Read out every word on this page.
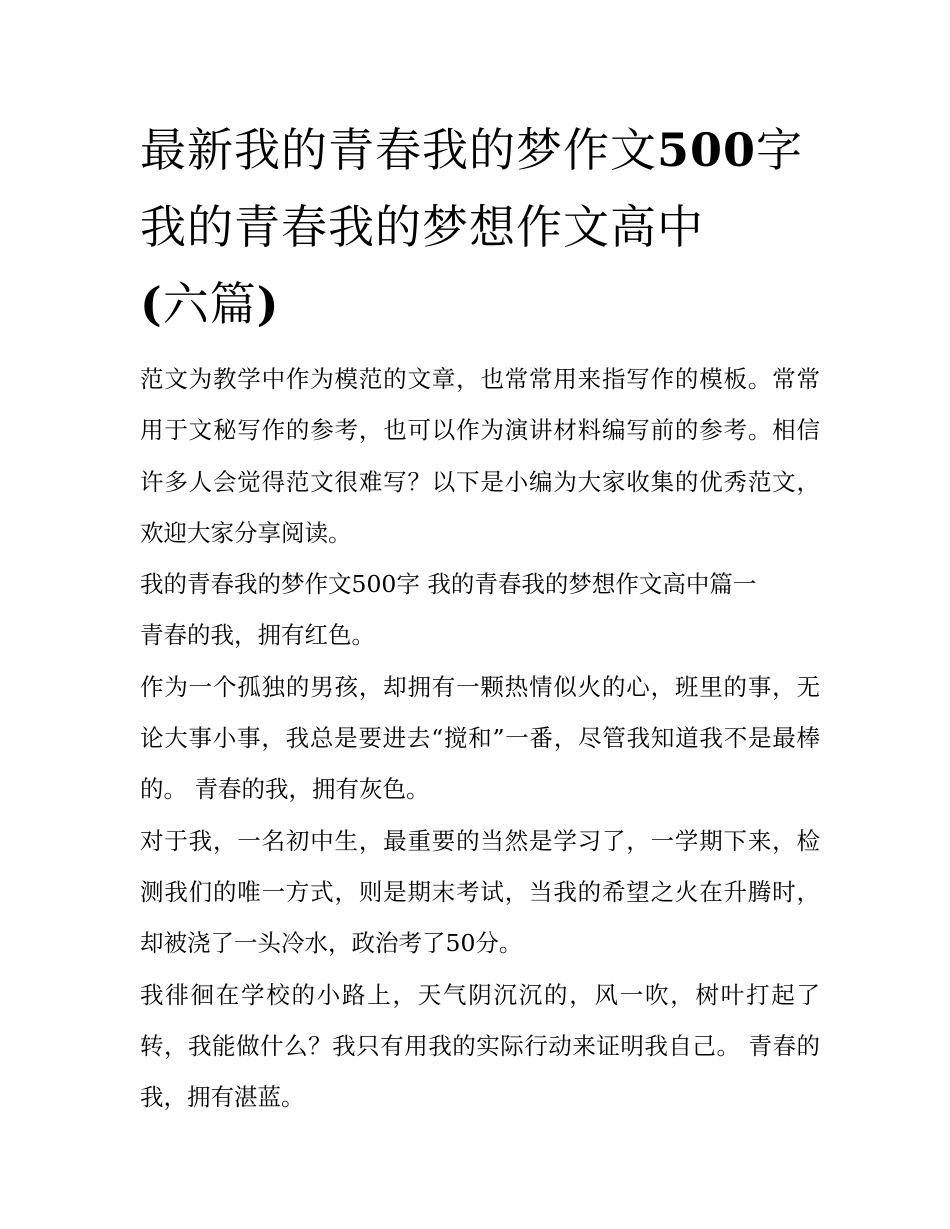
最新我的青春我的梦作文500字 我的青春我的梦想作文高中
(六篇)

范文为教学中作为模范的文章，也常常用来指写作的模板。常常用于文秘写作的参考，也可以作为演讲材料编写前的参考。相信许多人会觉得范文很难写？以下是小编为大家收集的优秀范文，欢迎大家分享阅读。

我的青春我的梦作文500字 我的青春我的梦想作文高中篇一

青春的我，拥有红色。

作为一个孤独的男孩，却拥有一颗热情似火的心，班里的事，无论大事小事，我总是要进去“搅和”一番，尽管我知道我不是最棒的。 青春的我，拥有灰色。

对于我，一名初中生，最重要的当然是学习了，一学期下来，检测我们的唯一方式，则是期末考试，当我的希望之火在升腾时，却被浇了一头冷水，政治考了50分。

我徘徊在学校的小路上，天气阴沉沉的，风一吹，树叶打起了转，我能做什么？我只有用我的实际行动来证明我自己。 青春的我，拥有湛蓝。
